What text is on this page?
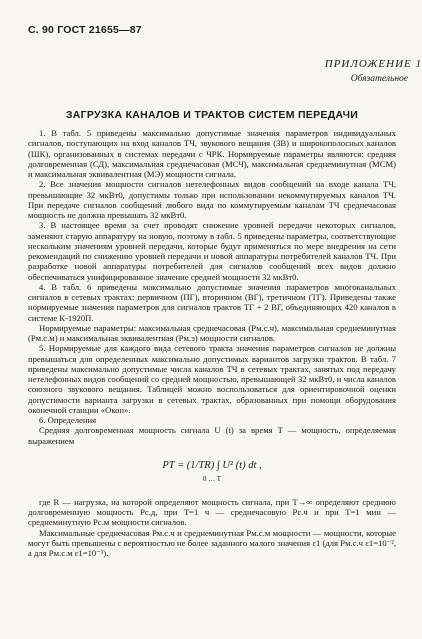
С. 90 ГОСТ 21655—87
ПРИЛОЖЕНИЕ 1
Обязательное
ЗАГРУЗКА КАНАЛОВ И ТРАКТОВ СИСТЕМ ПЕРЕДАЧИ

1. В табл. 5 приведены максимально допустимые значения параметров индивидуальных сигналов, поступающих на вход каналов ТЧ, звукового вещания (ЗВ) и широкополосных каналов (ШК), организованных в системах передачи с ЧРК. Нормируемые параметры являются: средняя долговременная (СД), максимальная среднечасовая (МСЧ), максимальная среднеминутная (МСМ) и максимальная эквивалентная (МЭ) мощности сигнала.

2. Все значения мощности сигналов нетелефонных видов сообщений на входе канала ТЧ, превышающие 32 мкВт0, допустимы только при использовании некоммутируемых каналов ТЧ. При передаче сигналов сообщений любого вида по коммутируемым каналам ТЧ среднечасовая мощность не должна превышать 32 мкВт0.

3. В настоящее время за счет проводят снижение уровней передачи некоторых сигналов, заменяют старую аппаратуру на новую, поэтому в табл. 5 приведены параметры, соответствующие нескольким значениям уровней передачи, которые будут применяться по мере внедрения на сети рекомендаций по снижению уровней передачи и новой аппаратуры потребителей каналов ТЧ. При разработке новой аппаратуры потребителей для сигналов сообщений всех видов должно обеспечиваться унифицированное значение средней мощности 32 мкВт0.

4. В табл. 6 приведены максимально допустимые значения параметров многоканальных сигналов в сетевых трактах: первичном (ПГ), вторичном (ВГ), третичном (ТГ). Приведены также нормируемые значения параметров для сигналов трактов ТГ + 2 ВГ, объединяющих 420 каналов в системе К-1920П.

Нормируемые параметры: максимальная среднечасовая (Pм.с.ч), максимальная среднеминутная (Pм.с.м) и максимальная эквивалентная (Pм.э) мощности сигналов.

5. Нормируемые для каждого вида сетевого тракта значения параметров сигналов не должны превышаться для определенных максимально допустимых вариантов загрузки трактов. В табл. 7 приведены максимально допустимые числа каналов ТЧ в сетевых трактах, занятых под передачу нетелефонных видов сообщений со средней мощностью, превышающей 32 мкВт0, и числа каналов союзного звукового вещания. Таблицей можно воспользоваться для ориентировочной оценки допустимости варианта загрузки в сетевых трактах, образованных при помощи оборудования оконечной станции «Окоп».

6. Определения

Средняя долговременная мощность сигнала U (t) за время T — мощность, определяемая выражением

PT = (1/TR) ∫ U² (t) dt ,
0 … T

где R — нагрузка, на которой определяют мощность сигнала, при T→∞ определяют среднюю долговременную мощность Pс.д, при T=1 ч — среднечасовую Pс.ч и при T=1 мин — среднеминутную Pс.м мощности сигналов.

Максимальные среднечасовая Pм.с.ч и среднеминутная Pм.с.м мощности — мощности, которые могут быть превышены с вероятностью не более заданного малого значения ε1 (для Pм.с.ч ε1=10⁻², а для Pм.с.м ε1=10⁻³).
